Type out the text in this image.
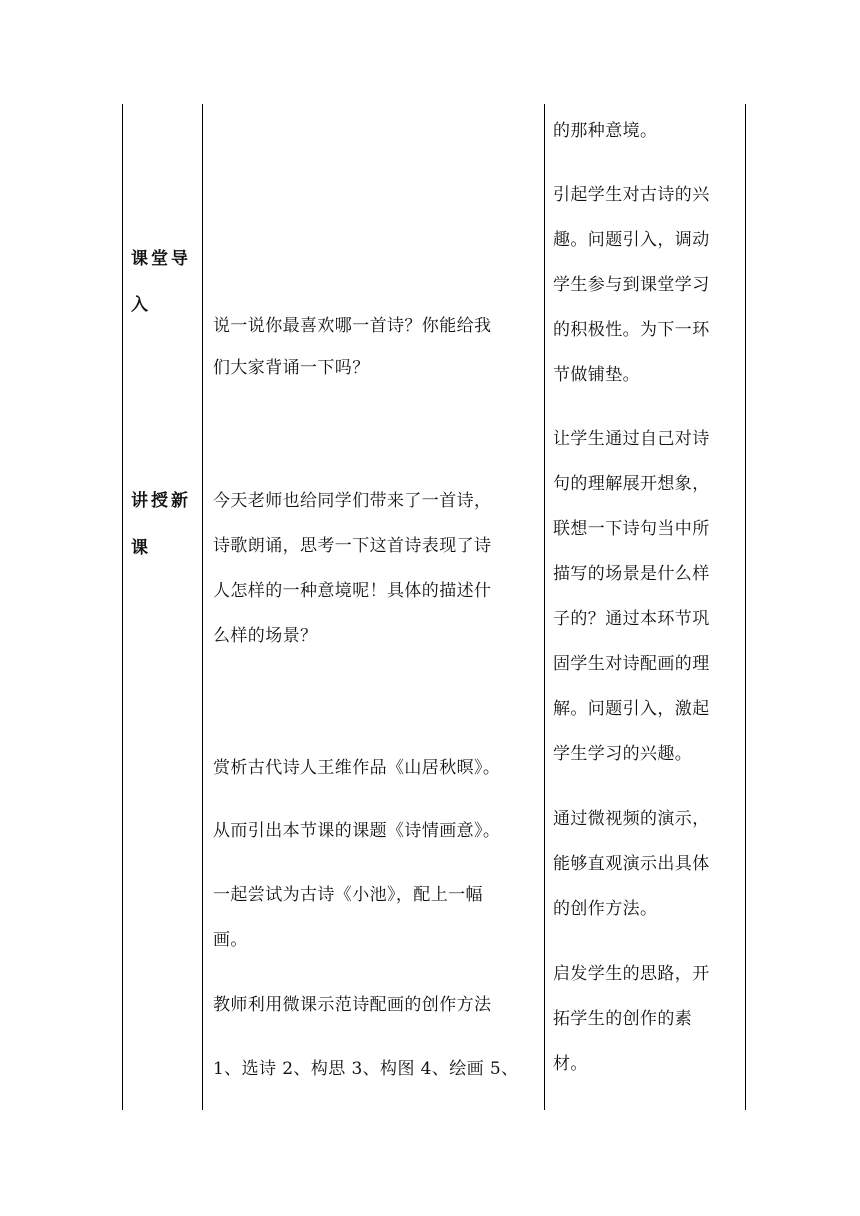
课堂导
入
讲授新
课
说一说你最喜欢哪一首诗？你能给我
们大家背诵一下吗？
今天老师也给同学们带来了一首诗，
诗歌朗诵，思考一下这首诗表现了诗
人怎样的一种意境呢！具体的描述什
么样的场景？
赏析古代诗人王维作品《山居秋暝》。
从而引出本节课的课题《诗情画意》。
一起尝试为古诗《小池》，配上一幅
画。
教师利用微课示范诗配画的创作方法
1、选诗 2、构思 3、构图 4、绘画 5、
的那种意境。
引起学生对古诗的兴
趣。问题引入，调动
学生参与到课堂学习
的积极性。为下一环
节做铺垫。
让学生通过自己对诗
句的理解展开想象，
联想一下诗句当中所
描写的场景是什么样
子的？通过本环节巩
固学生对诗配画的理
解。问题引入，激起
学生学习的兴趣。
通过微视频的演示，
能够直观演示出具体
的创作方法。
启发学生的思路，开
拓学生的创作的素
材。
